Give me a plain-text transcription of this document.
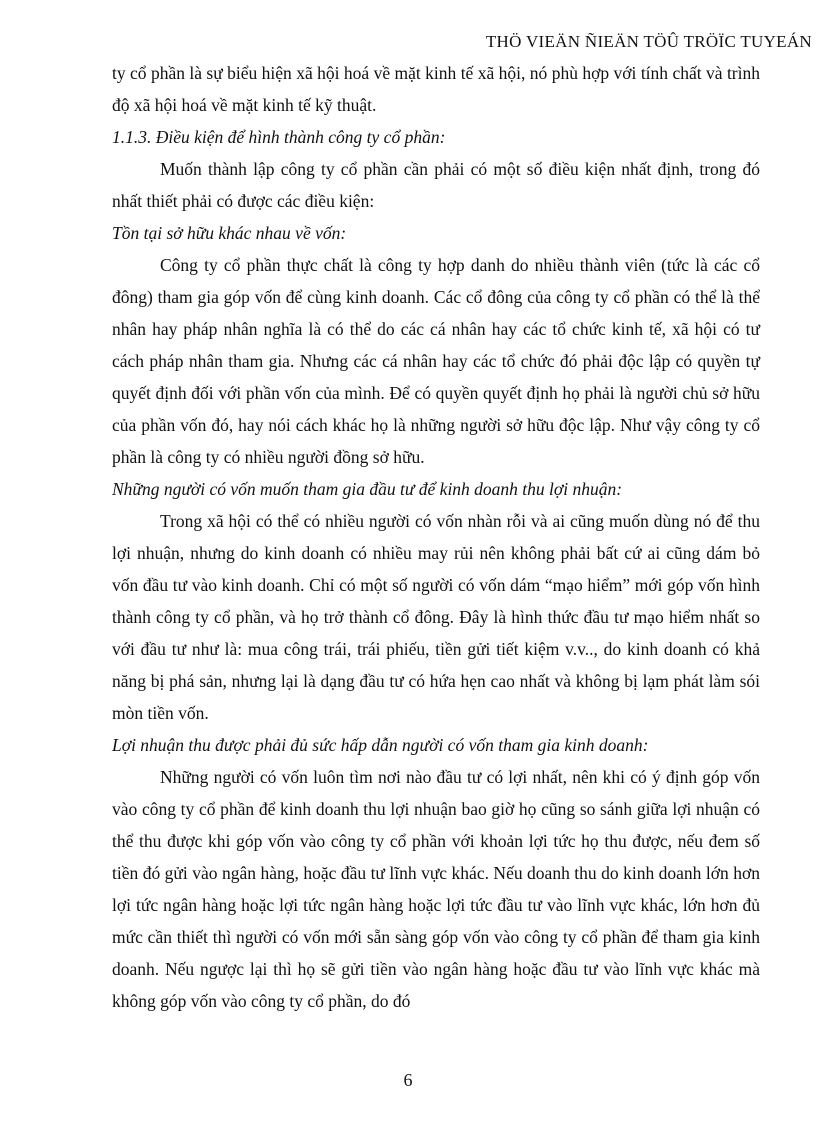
THÖ VIEÄN ÑIEÄN TÖÛ TRÖÏC TUYEÁN

ty cổ phần là sự biểu hiện xã hội hoá về mặt kinh tế xã hội, nó phù hợp với tính chất và trình độ xã hội hoá về mặt kinh tế kỹ thuật.

1.1.3. Điều kiện để hình thành công ty cổ phần:

Muốn thành lập công ty cổ phần cần phải có một số điều kiện nhất định, trong đó nhất thiết phải có được các điều kiện:

Tồn tại sở hữu khác nhau về vốn:

Công ty cổ phần thực chất là công ty hợp danh do nhiều thành viên (tức là các cổ đông) tham gia góp vốn để cùng kinh doanh. Các cổ đông của công ty cổ phần có thể là thể nhân hay pháp nhân nghĩa là có thể do các cá nhân hay các tổ chức kinh tế, xã hội có tư cách pháp nhân tham gia. Nhưng các cá nhân hay các tổ chức đó phải độc lập có quyền tự quyết định đối với phần vốn của mình. Để có quyền quyết định họ phải là người chủ sở hữu của phần vốn đó, hay nói cách khác họ là những người sở hữu độc lập. Như vậy công ty cổ phần là công ty có nhiều người đồng sở hữu.

Những người có vốn muốn tham gia đầu tư để kinh doanh thu lợi nhuận:

Trong xã hội có thể có nhiều người có vốn nhàn rỗi và ai cũng muốn dùng nó để thu lợi nhuận, nhưng do kinh doanh có nhiều may rủi nên không phải bất cứ ai cũng dám bỏ vốn đầu tư vào kinh doanh. Chỉ có một số người có vốn dám “mạo hiểm” mới góp vốn hình thành công ty cổ phần, và họ trở thành cổ đông. Đây là hình thức đầu tư mạo hiểm nhất so với đầu tư như là: mua công trái, trái phiếu, tiền gửi tiết kiệm v.v.., do kinh doanh có khả năng bị phá sản, nhưng lại là dạng đầu tư có hứa hẹn cao nhất và không bị lạm phát làm sói mòn tiền vốn.

Lợi nhuận thu được phải đủ sức hấp dẫn người có vốn tham gia kinh doanh:

Những người có vốn luôn tìm nơi nào đầu tư có lợi nhất, nên khi có ý định góp vốn vào công ty cổ phần để kinh doanh thu lợi nhuận bao giờ họ cũng so sánh giữa lợi nhuận có thể thu được khi góp vốn vào công ty cổ phần với khoản lợi tức họ thu được, nếu đem số tiền đó gửi vào ngân hàng, hoặc đầu tư lĩnh vực khác. Nếu doanh thu do kinh doanh lớn hơn lợi tức ngân hàng hoặc lợi tức ngân hàng hoặc lợi tức đầu tư vào lĩnh vực khác, lớn hơn đủ mức cần thiết thì người có vốn mới sẵn sàng góp vốn vào công ty cổ phần để tham gia kinh doanh. Nếu ngược lại thì họ sẽ gửi tiền vào ngân hàng hoặc đầu tư vào lĩnh vực khác mà không góp vốn vào công ty cổ phần, do đó

6
